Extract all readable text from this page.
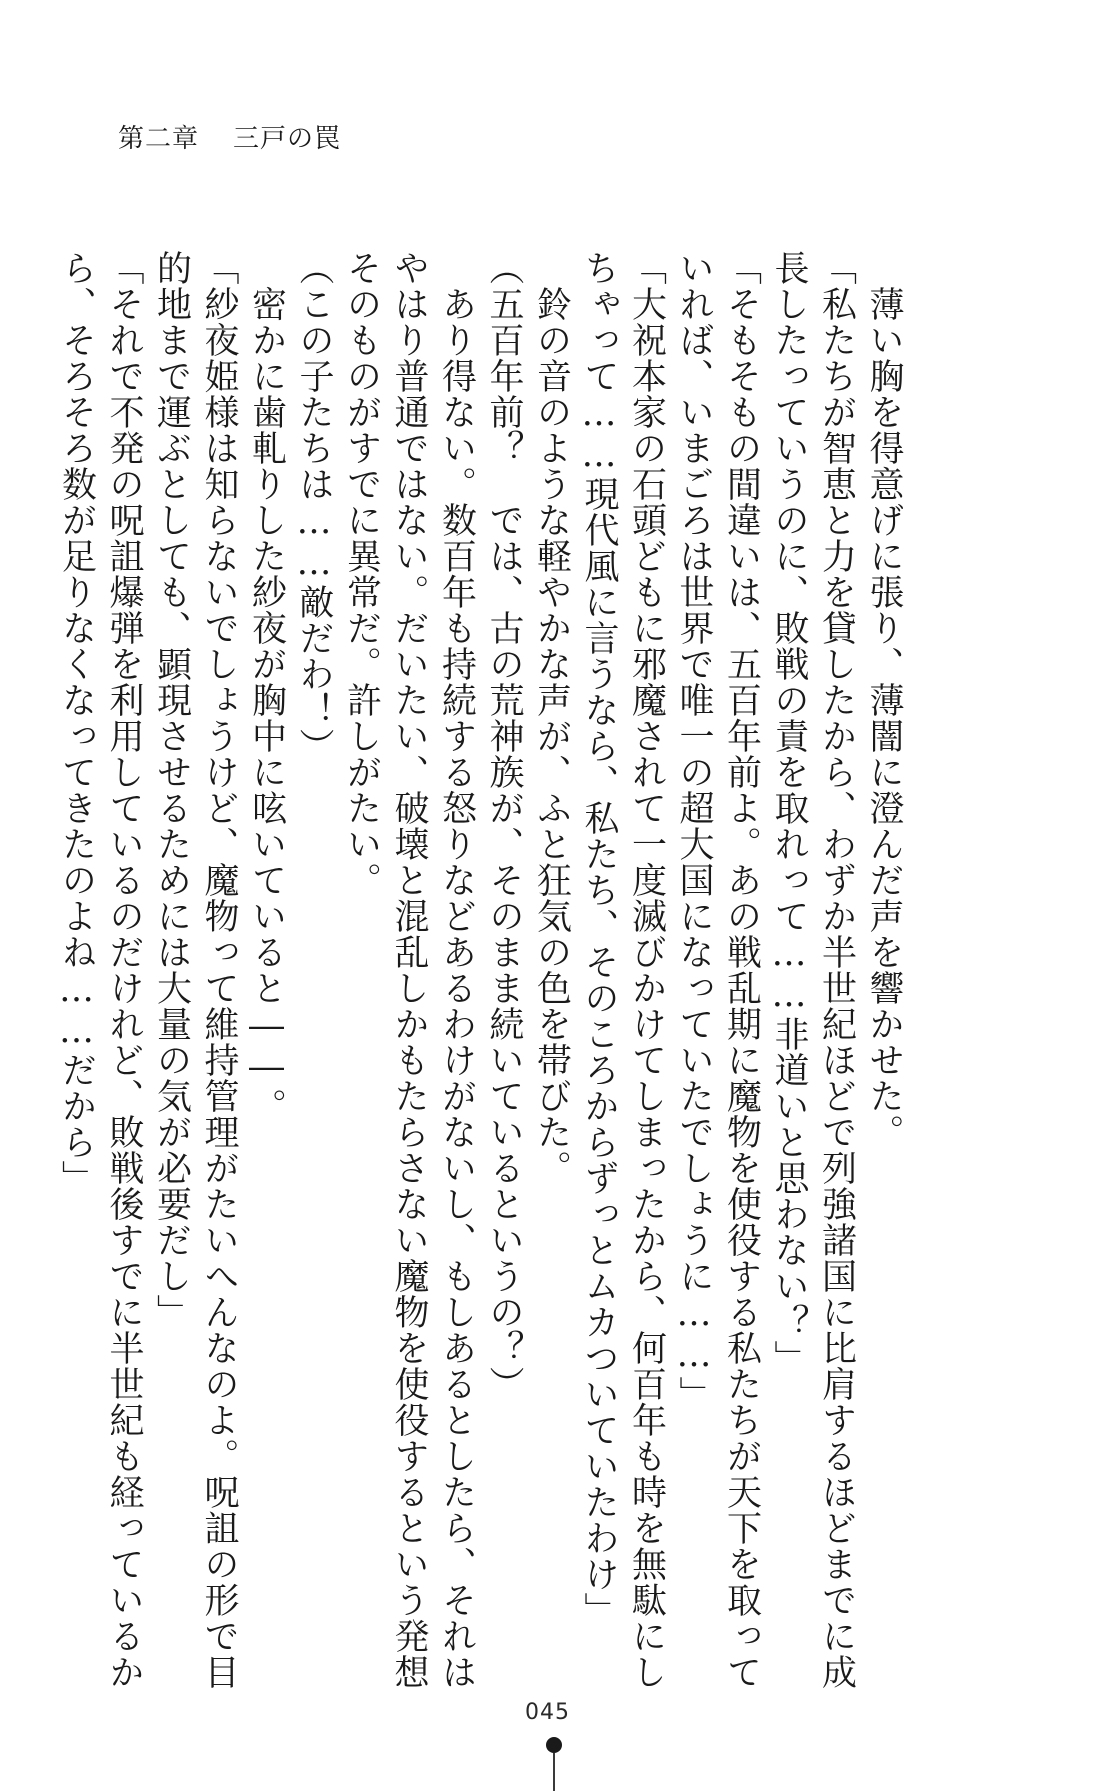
第二章 三戸の罠

　薄い胸を得意げに張り、薄闇に澄んだ声を響かせた。

「私たちが智恵と力を貸したから、わずか半世紀ほどで列強諸国に比肩するほどまでに成

長したっていうのに、敗戦の責を取れって……非道いと思わない？」

「そもそもの間違いは、五百年前よ。あの戦乱期に魔物を使役する私たちが天下を取って

いれば、いまごろは世界で唯一の超大国になっていたでしょうに……」

「大祝本家の石頭どもに邪魔されて一度滅びかけてしまったから、何百年も時を無駄にし

ちゃって……現代風に言うなら、私たち、そのころからずっとムカついていたわけ」

　鈴の音のような軽やかな声が、ふと狂気の色を帯びた。

（五百年前？　では、古の荒神族が、そのまま続いているというの？）

　あり得ない。数百年も持続する怒りなどあるわけがないし、もしあるとしたら、それは

やはり普通ではない。だいたい、破壊と混乱しかもたらさない魔物を使役するという発想

そのものがすでに異常だ。許しがたい。

（この子たちは……敵だわ！）

　密かに歯軋りした紗夜が胸中に呟いていると――。

「紗夜姫様は知らないでしょうけど、魔物って維持管理がたいへんなのよ。呪詛の形で目

的地まで運ぶとしても、顕現させるためには大量の気が必要だし」

「それで不発の呪詛爆弾を利用しているのだけれど、敗戦後すでに半世紀も経っているか

ら、そろそろ数が足りなくなってきたのよね……だから」

045
